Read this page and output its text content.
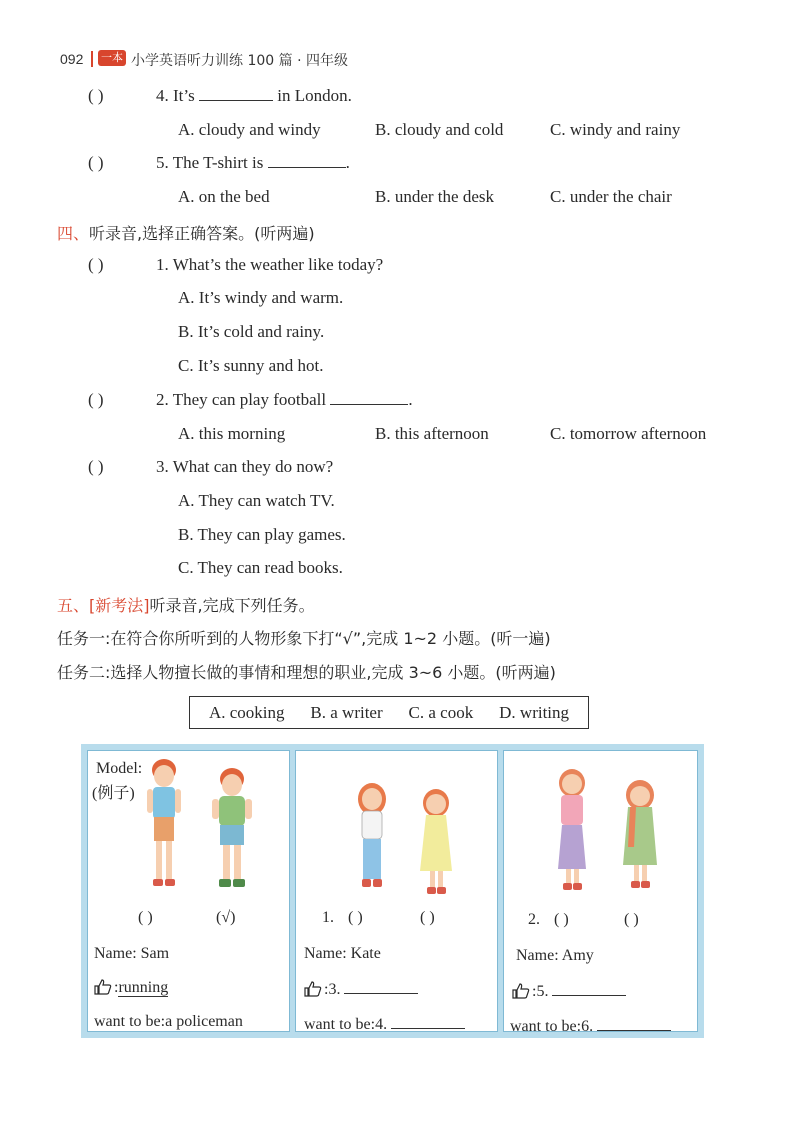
092 一本 小学英语听力训练 100 篇 · 四年级
( )	4. It’s	in London.
A. cloudy and windy	B. cloudy and cold	C. windy and rainy
( )	5. The T-shirt is	.
A. on the bed	B. under the desk	C. under the chair
四、听录音,选择正确答案。(听两遍)
( )	1. What’s the weather like today?
A. It’s windy and warm.
B. It’s cold and rainy.
C. It’s sunny and hot.
( )	2. They can play football	.
A. this morning	B. this afternoon	C. tomorrow afternoon
( )	3. What can they do now?
A. They can watch TV.
B. They can play games.
C. They can read books.
五、[新考法]听录音,完成下列任务。
任务一:在符合你所听到的人物形象下打“√”,完成 1~2 小题。(听一遍)
任务二:选择人物擅长做的事情和理想的职业,完成 3~6 小题。(听两遍)
A. cooking B. a writer C. a cook D. writing
Model:
(例子)
( )	(√)
Name: Sam
:running
want to be:a policeman
1. ( )	( )
Name: Kate
:3.
want to be:4.
2. ( )	( )
Name: Amy
:5.
want to be:6.
